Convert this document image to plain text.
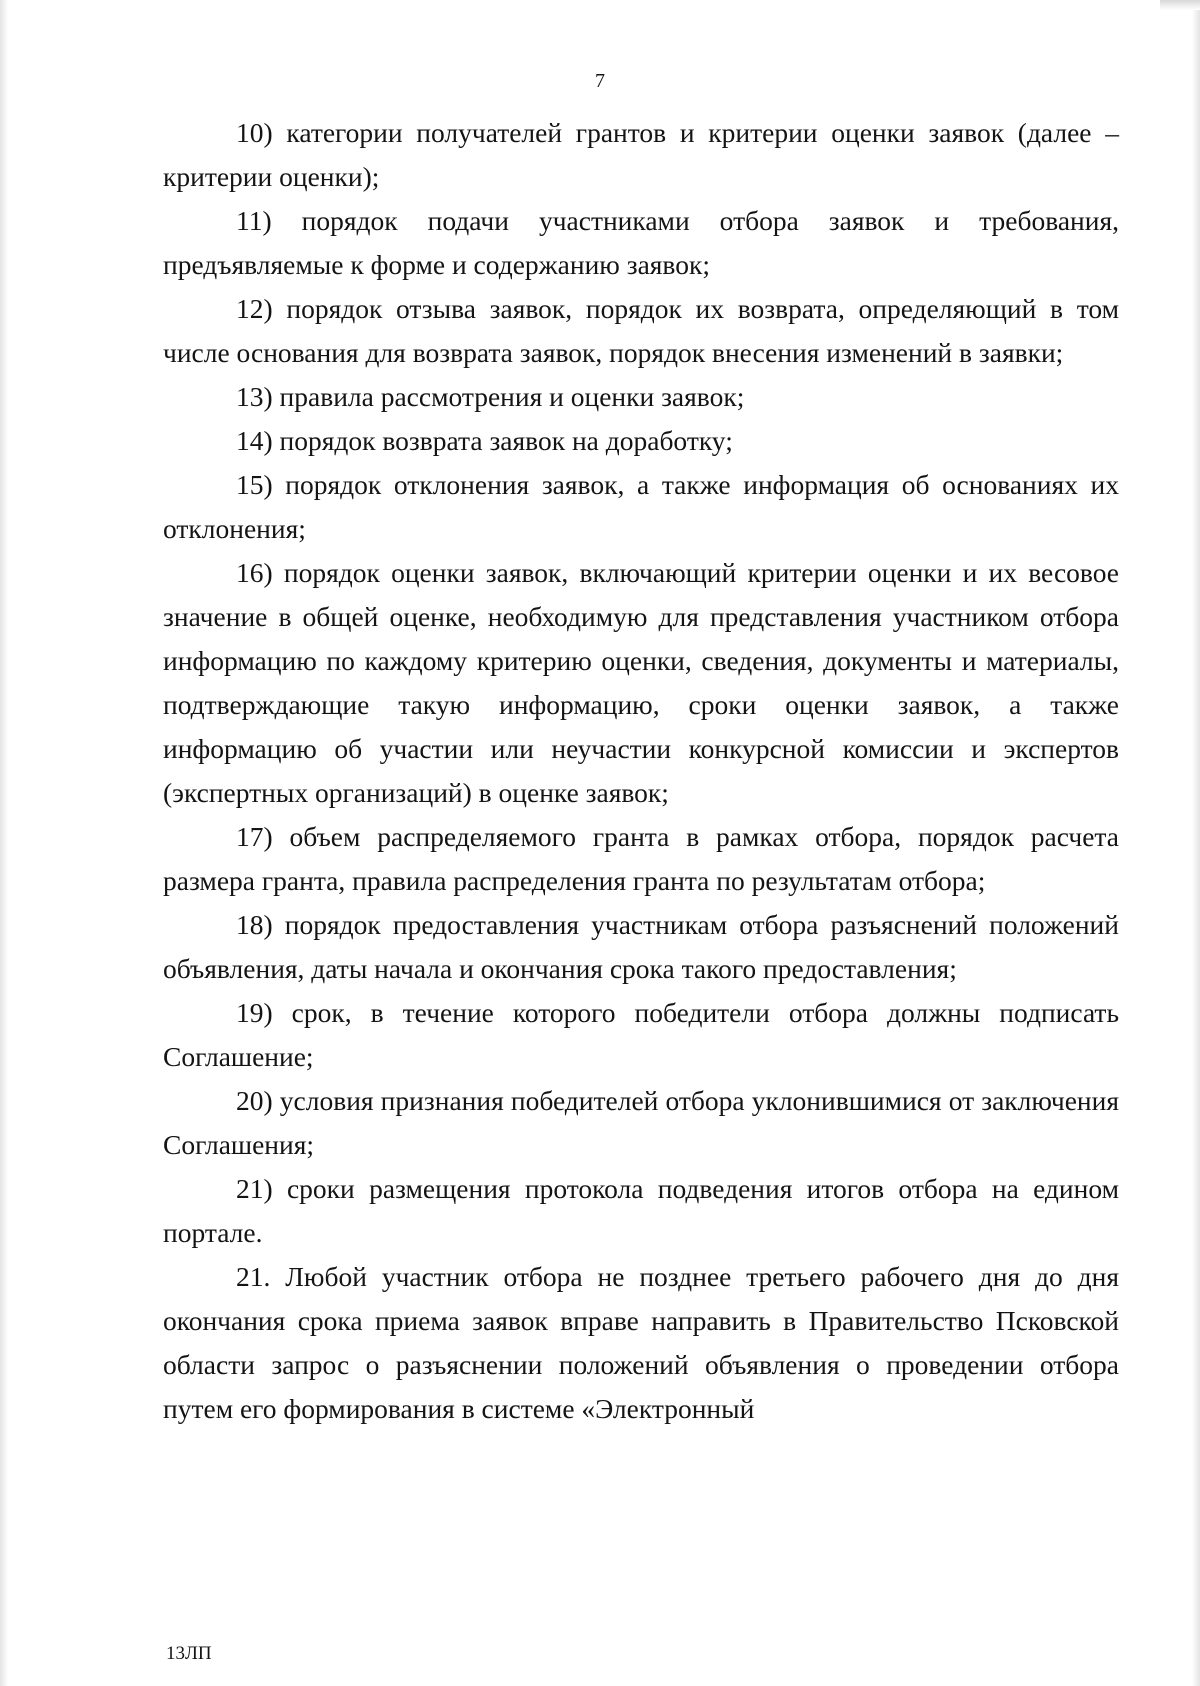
7

10) категории получателей грантов и критерии оценки заявок (далее – критерии оценки);

11) порядок подачи участниками отбора заявок и требования, предъявляемые к форме и содержанию заявок;

12) порядок отзыва заявок, порядок их возврата, определяющий в том числе основания для возврата заявок, порядок внесения изменений в заявки;

13) правила рассмотрения и оценки заявок;

14) порядок возврата заявок на доработку;

15) порядок отклонения заявок, а также информация об основаниях их отклонения;

16) порядок оценки заявок, включающий критерии оценки и их весовое значение в общей оценке, необходимую для представления участником отбора информацию по каждому критерию оценки, сведения, документы и материалы, подтверждающие такую информацию, сроки оценки заявок, а также информацию об участии или неучастии конкурсной комиссии и экспертов (экспертных организаций) в оценке заявок;

17) объем распределяемого гранта в рамках отбора, порядок расчета размера гранта, правила распределения гранта по результатам отбора;

18) порядок предоставления участникам отбора разъяснений положений объявления, даты начала и окончания срока такого предоставления;

19) срок, в течение которого победители отбора должны подписать Соглашение;

20) условия признания победителей отбора уклонившимися от заключения Соглашения;

21) сроки размещения протокола подведения итогов отбора на едином портале.

21. Любой участник отбора не позднее третьего рабочего дня до дня окончания срока приема заявок вправе направить в Правительство Псковской области запрос о разъяснении положений объявления о проведении отбора путем его формирования в системе «Электронный

13ЛП
